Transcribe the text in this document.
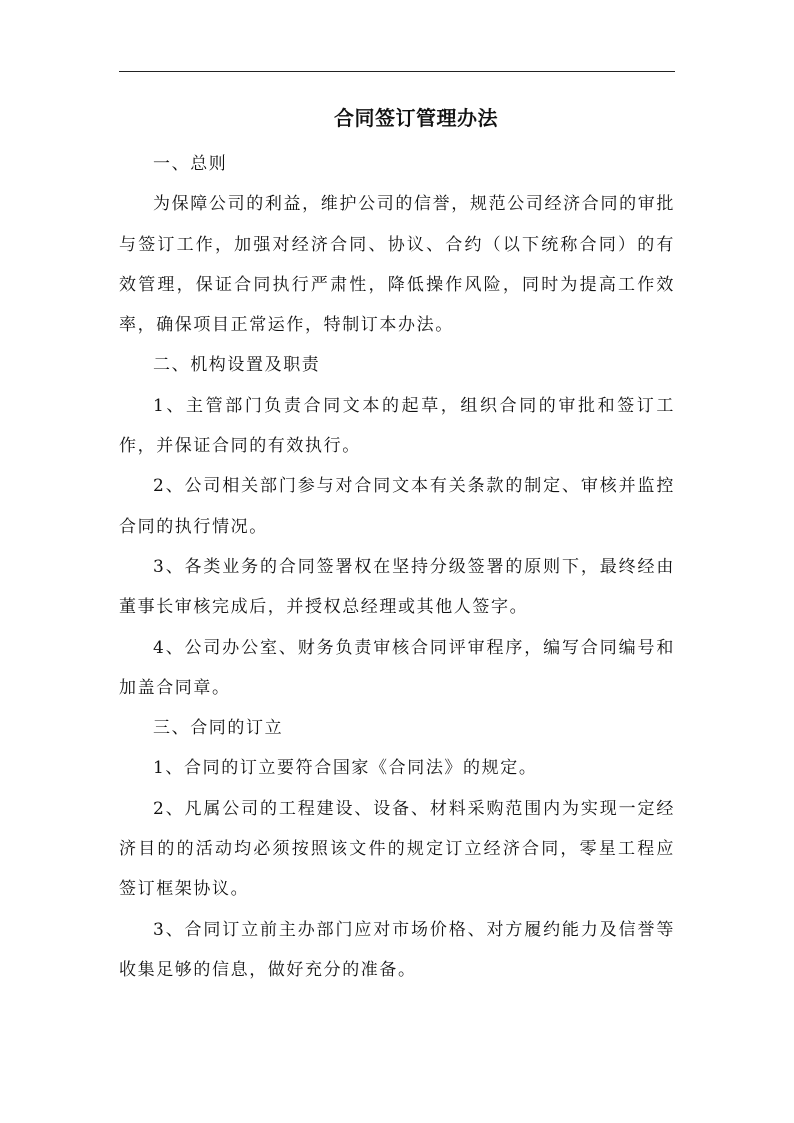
合同签订管理办法

一、总则

为保障公司的利益，维护公司的信誉，规范公司经济合同的审批与签订工作，加强对经济合同、协议、合约（以下统称合同）的有效管理，保证合同执行严肃性，降低操作风险，同时为提高工作效率，确保项目正常运作，特制订本办法。

二、机构设置及职责

1、主管部门负责合同文本的起草，组织合同的审批和签订工作，并保证合同的有效执行。

2、公司相关部门参与对合同文本有关条款的制定、审核并监控合同的执行情况。

3、各类业务的合同签署权在坚持分级签署的原则下，最终经由董事长审核完成后，并授权总经理或其他人签字。

4、公司办公室、财务负责审核合同评审程序，编写合同编号和加盖合同章。

三、合同的订立

1、合同的订立要符合国家《合同法》的规定。

2、凡属公司的工程建设、设备、材料采购范围内为实现一定经济目的的活动均必须按照该文件的规定订立经济合同，零星工程应签订框架协议。

3、合同订立前主办部门应对市场价格、对方履约能力及信誉等收集足够的信息，做好充分的准备。
